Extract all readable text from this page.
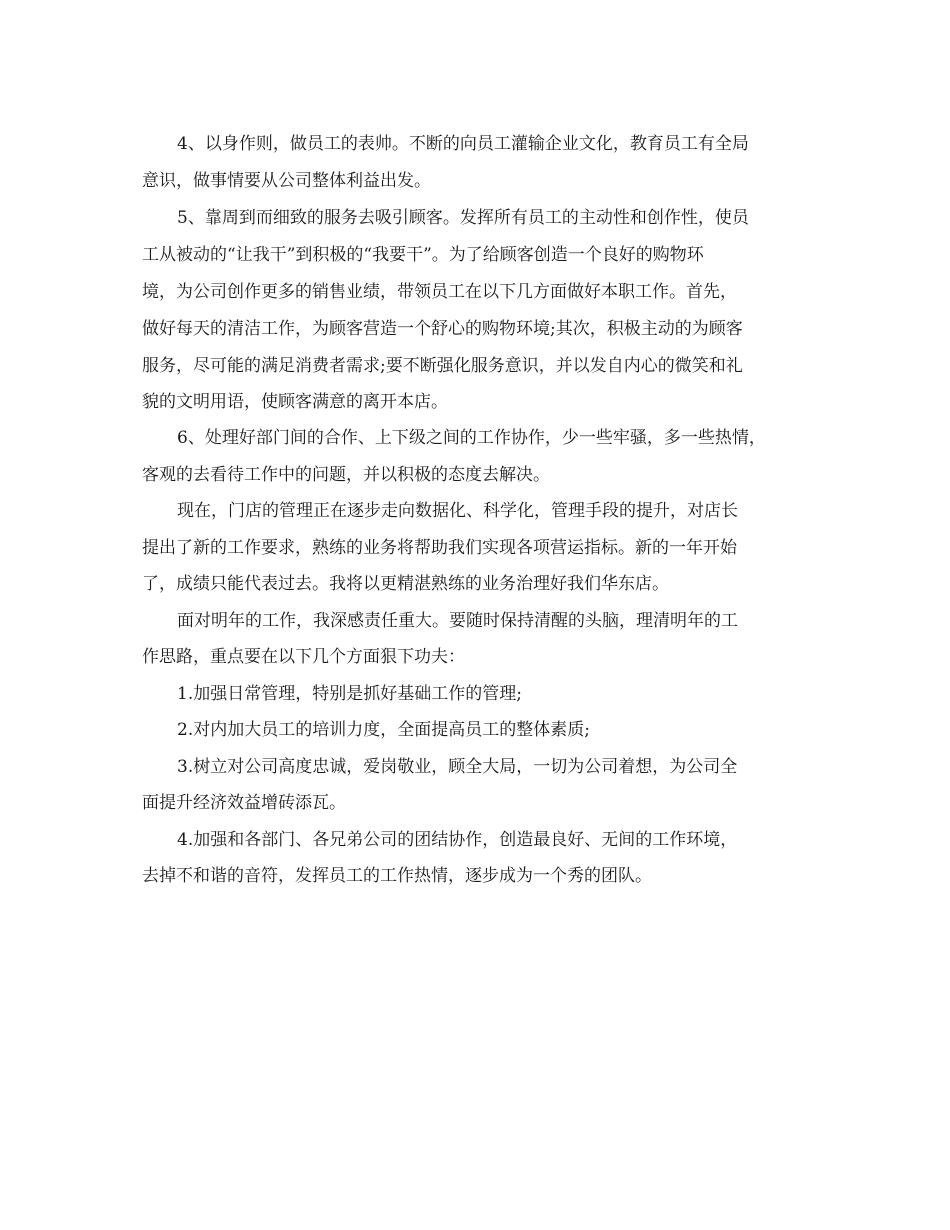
4、以身作则，做员工的表帅。不断的向员工灌输企业文化，教育员工有全局
意识，做事情要从公司整体利益出发。
5、靠周到而细致的服务去吸引顾客。发挥所有员工的主动性和创作性，使员
工从被动的“让我干”到积极的“我要干”。为了给顾客创造一个良好的购物环
境，为公司创作更多的销售业绩，带领员工在以下几方面做好本职工作。首先，
做好每天的清洁工作，为顾客营造一个舒心的购物环境;其次，积极主动的为顾客
服务，尽可能的满足消费者需求;要不断强化服务意识，并以发自内心的微笑和礼
貌的文明用语，使顾客满意的离开本店。
6、处理好部门间的合作、上下级之间的工作协作，少一些牢骚，多一些热情，
客观的去看待工作中的问题，并以积极的态度去解决。
现在，门店的管理正在逐步走向数据化、科学化，管理手段的提升，对店长
提出了新的工作要求，熟练的业务将帮助我们实现各项营运指标。新的一年开始
了，成绩只能代表过去。我将以更精湛熟练的业务治理好我们华东店。
面对明年的工作，我深感责任重大。要随时保持清醒的头脑，理清明年的工
作思路，重点要在以下几个方面狠下功夫：
1.加强日常管理，特别是抓好基础工作的管理;
2.对内加大员工的培训力度，全面提高员工的整体素质;
3.树立对公司高度忠诚，爱岗敬业，顾全大局，一切为公司着想，为公司全
面提升经济效益增砖添瓦。
4.加强和各部门、各兄弟公司的团结协作，创造最良好、无间的工作环境，
去掉不和谐的音符，发挥员工的工作热情，逐步成为一个秀的团队。
